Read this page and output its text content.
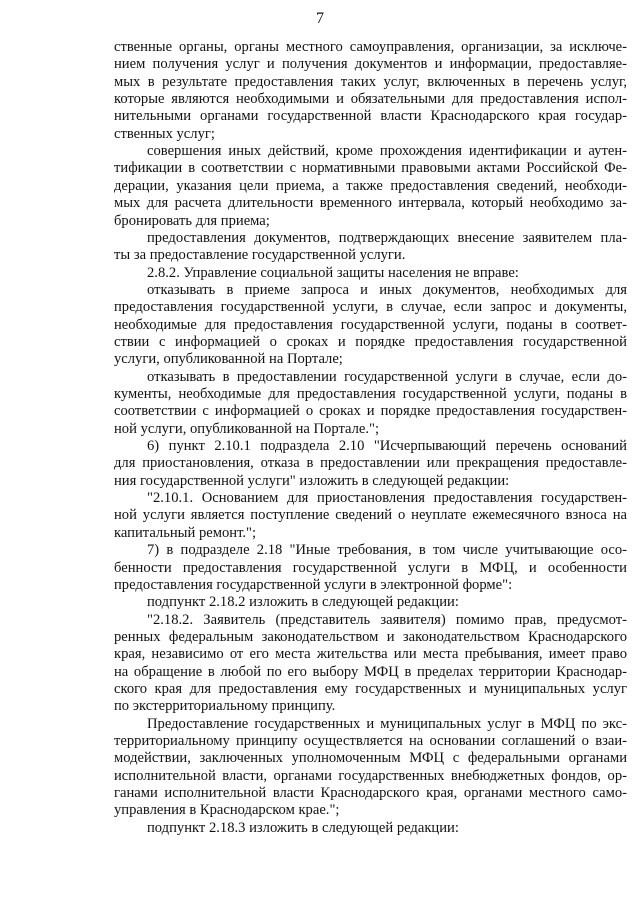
7
ственные органы, органы местного самоуправления, организации, за исключе-
нием получения услуг и получения документов и информации, предоставляе-
мых в результате предоставления таких услуг, включенных в перечень услуг,
которые являются необходимыми и обязательными для предоставления испол-
нительными органами государственной власти Краснодарского края государ-
ственных услуг;
совершения иных действий, кроме прохождения идентификации и аутен-
тификации в соответствии с нормативными правовыми актами Российской Фе-
дерации, указания цели приема, а также предоставления сведений, необходи-
мых для расчета длительности временного интервала, который необходимо за-
бронировать для приема;
предоставления документов, подтверждающих внесение заявителем пла-
ты за предоставление государственной услуги.
2.8.2. Управление социальной защиты населения не вправе:
отказывать в приеме запроса и иных документов, необходимых для
предоставления государственной услуги, в случае, если запрос и документы,
необходимые для предоставления государственной услуги, поданы в соответ-
ствии с информацией о сроках и порядке предоставления государственной
услуги, опубликованной на Портале;
отказывать в предоставлении государственной услуги в случае, если до-
кументы, необходимые для предоставления государственной услуги, поданы в
соответствии с информацией о сроках и порядке предоставления государствен-
ной услуги, опубликованной на Портале.";
6) пункт 2.10.1 подраздела 2.10 "Исчерпывающий перечень оснований
для приостановления, отказа в предоставлении или прекращения предоставле-
ния государственной услуги" изложить в следующей редакции:
"2.10.1. Основанием для приостановления предоставления государствен-
ной услуги является поступление сведений о неуплате ежемесячного взноса на
капитальный ремонт.";
7) в подразделе 2.18 "Иные требования, в том числе учитывающие осо-
бенности предоставления государственной услуги в МФЦ, и особенности
предоставления государственной услуги в электронной форме":
подпункт 2.18.2 изложить в следующей редакции:
"2.18.2. Заявитель (представитель заявителя) помимо прав, предусмот-
ренных федеральным законодательством и законодательством Краснодарского
края, независимо от его места жительства или места пребывания, имеет право
на обращение в любой по его выбору МФЦ в пределах территории Краснодар-
ского края для предоставления ему государственных и муниципальных услуг
по экстерриториальному принципу.
Предоставление государственных и муниципальных услуг в МФЦ по экс-
территориальному принципу осуществляется на основании соглашений о взаи-
модействии, заключенных уполномоченным МФЦ с федеральными органами
исполнительной власти, органами государственных внебюджетных фондов, ор-
ганами исполнительной власти Краснодарского края, органами местного само-
управления в Краснодарском крае.";
подпункт 2.18.3 изложить в следующей редакции:
